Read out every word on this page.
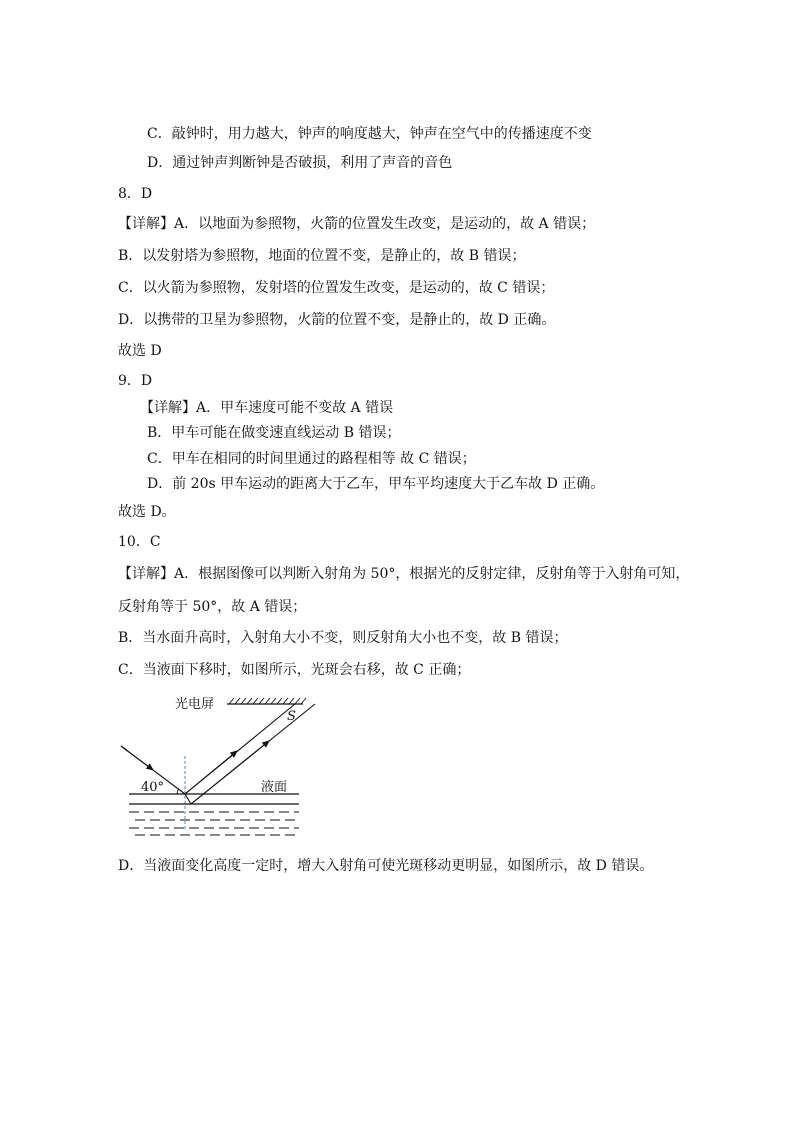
C．敲钟时，用力越大，钟声的响度越大，钟声在空气中的传播速度不变
D．通过钟声判断钟是否破损，利用了声音的音色
8．D
【详解】A．以地面为参照物，火箭的位置发生改变，是运动的，故 A 错误；
B．以发射塔为参照物，地面的位置不变，是静止的，故 B 错误；
C．以火箭为参照物，发射塔的位置发生改变，是运动的，故 C 错误；
D．以携带的卫星为参照物，火箭的位置不变，是静止的，故 D 正确。
故选 D
9．D
【详解】A．甲车速度可能不变故 A 错误
B．甲车可能在做变速直线运动 B 错误；
C．甲车在相同的时间里通过的路程相等 故 C 错误；
D．前 20s 甲车运动的距离大于乙车，甲车平均速度大于乙车故 D 正确。
故选 D。
10．C
【详解】A．根据图像可以判断入射角为 50°，根据光的反射定律，反射角等于入射角可知，
反射角等于 50°，故 A 错误；
B．当水面升高时，入射角大小不变，则反射角大小也不变，故 B 错误；
C．当液面下移时，如图所示，光斑会右移，故 C 正确；
光电屏
S
40°	液面
D．当液面变化高度一定时，增大入射角可使光斑移动更明显，如图所示，故 D 错误。
